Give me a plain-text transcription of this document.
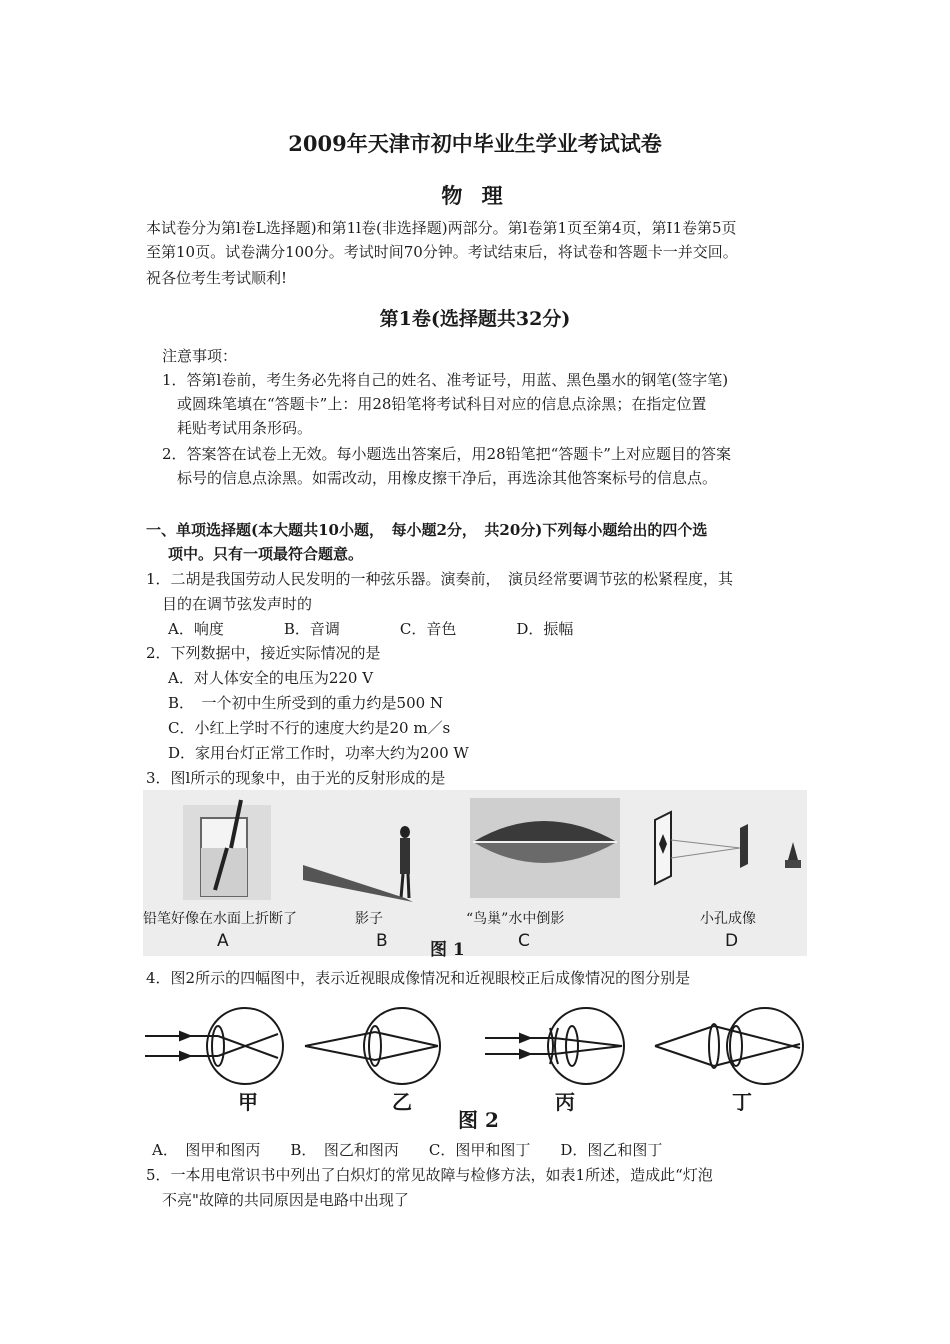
2009年天津市初中毕业生学业考试试卷
物 理
本试卷分为第l卷L选择题)和第1l卷(非选择题)两部分。第l卷第1页至第4页，第I1卷第5页
至第10页。试卷满分100分。考试时间70分钟。考试结束后，将试卷和答题卡一并交回。
祝各位考生考试顺利!
第1卷(选择题共32分)
注意事项：
1．答第l卷前，考生务必先将自己的姓名、准考证号，用蓝、黑色墨水的钢笔(签字笔)
或圆珠笔填在“答题卡”上：用28铅笔将考试科目对应的信息点涂黑；在指定位置
耗贴考试用条形码。
2．答案答在试卷上无效。每小题选出答案后，用28铅笔把“答题卡”上对应题目的答案
标号的信息点涂黑。如需改动，用橡皮擦干净后，再选涂其他答案标号的信息点。
一、单项选择题(本大题共10小题，　每小题2分，　共20分)下列每小题给出的四个选
项中。只有一项最符合题意。
1．二胡是我国劳动人民发明的一种弦乐器。演奏前，　演员经常要调节弦的松紧程度，其
目的在调节弦发声时的
A．响度　　　　B．音调　　　　C．音色　　　　D．振幅
2．下列数据中，接近实际情况的是
A．对人体安全的电压为220 V
B．　一个初中生所受到的重力约是500 N
C．小红上学时不行的速度大约是20 m／s
D．家用台灯正常工作时，功率大约为200 W
3．图l所示的现象中，由于光的反射形成的是
铅笔好像在水面上折断了	影子	“鸟巢”水中倒影	小孔成像
A	B	C	D
图 1
4．图2所示的四幅图中，表示近视眼成像情况和近视眼校正后成像情况的图分别是
甲	乙	丙	丁
图 2
A．　图甲和图丙　　B．　图乙和图丙　　C．图甲和图丁　　D．图乙和图丁
5．一本用电常识书中列出了白炽灯的常见故障与检修方法，如表1所述，造成此“灯泡
不亮"故障的共同原因是电路中出现了
